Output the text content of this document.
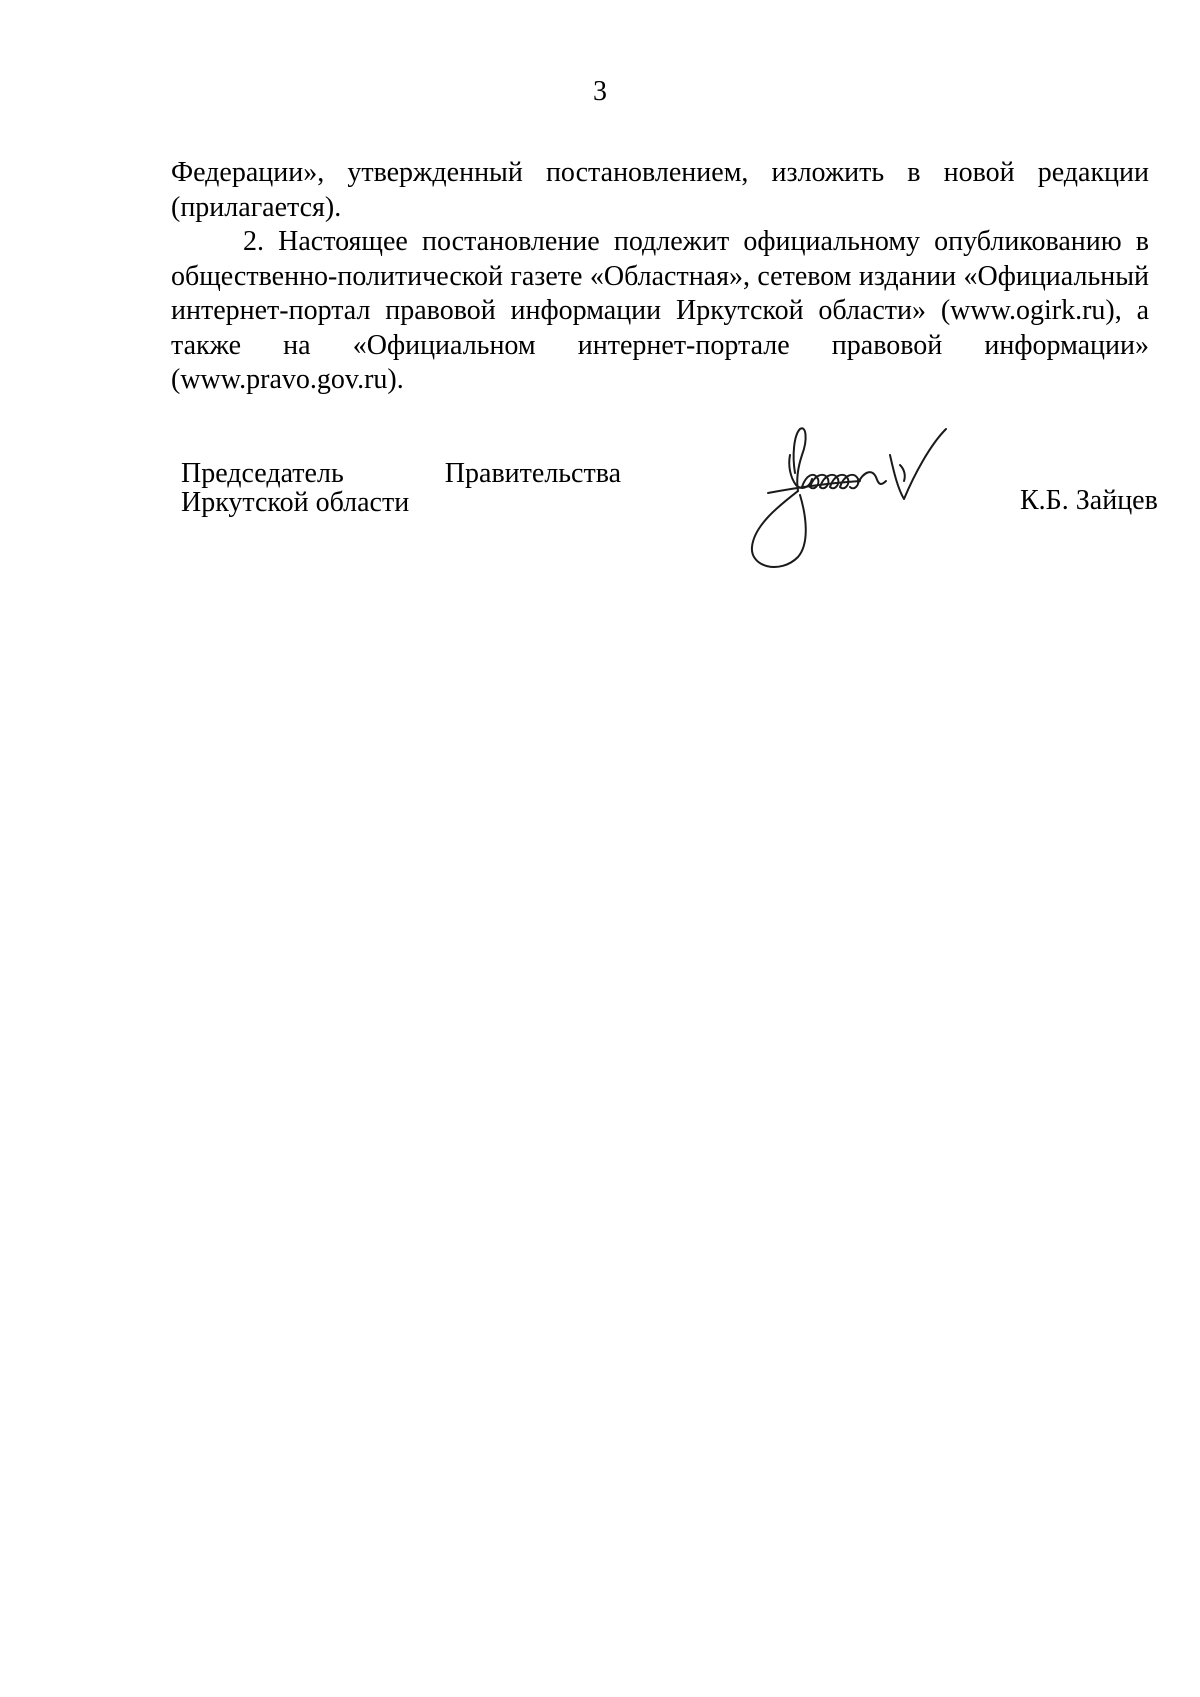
3

Федерации», утвержденный постановлением, изложить в новой редакции (прилагается).

2. Настоящее постановление подлежит официальному опубликованию в общественно-политической газете «Областная», сетевом издании «Официальный интернет-портал правовой информации Иркутской области» (www.ogirk.ru), а также на «Официальном интернет-портале правовой информации» (www.pravo.gov.ru).

Председатель	Правительства
Иркутской области	К.Б. Зайцев
